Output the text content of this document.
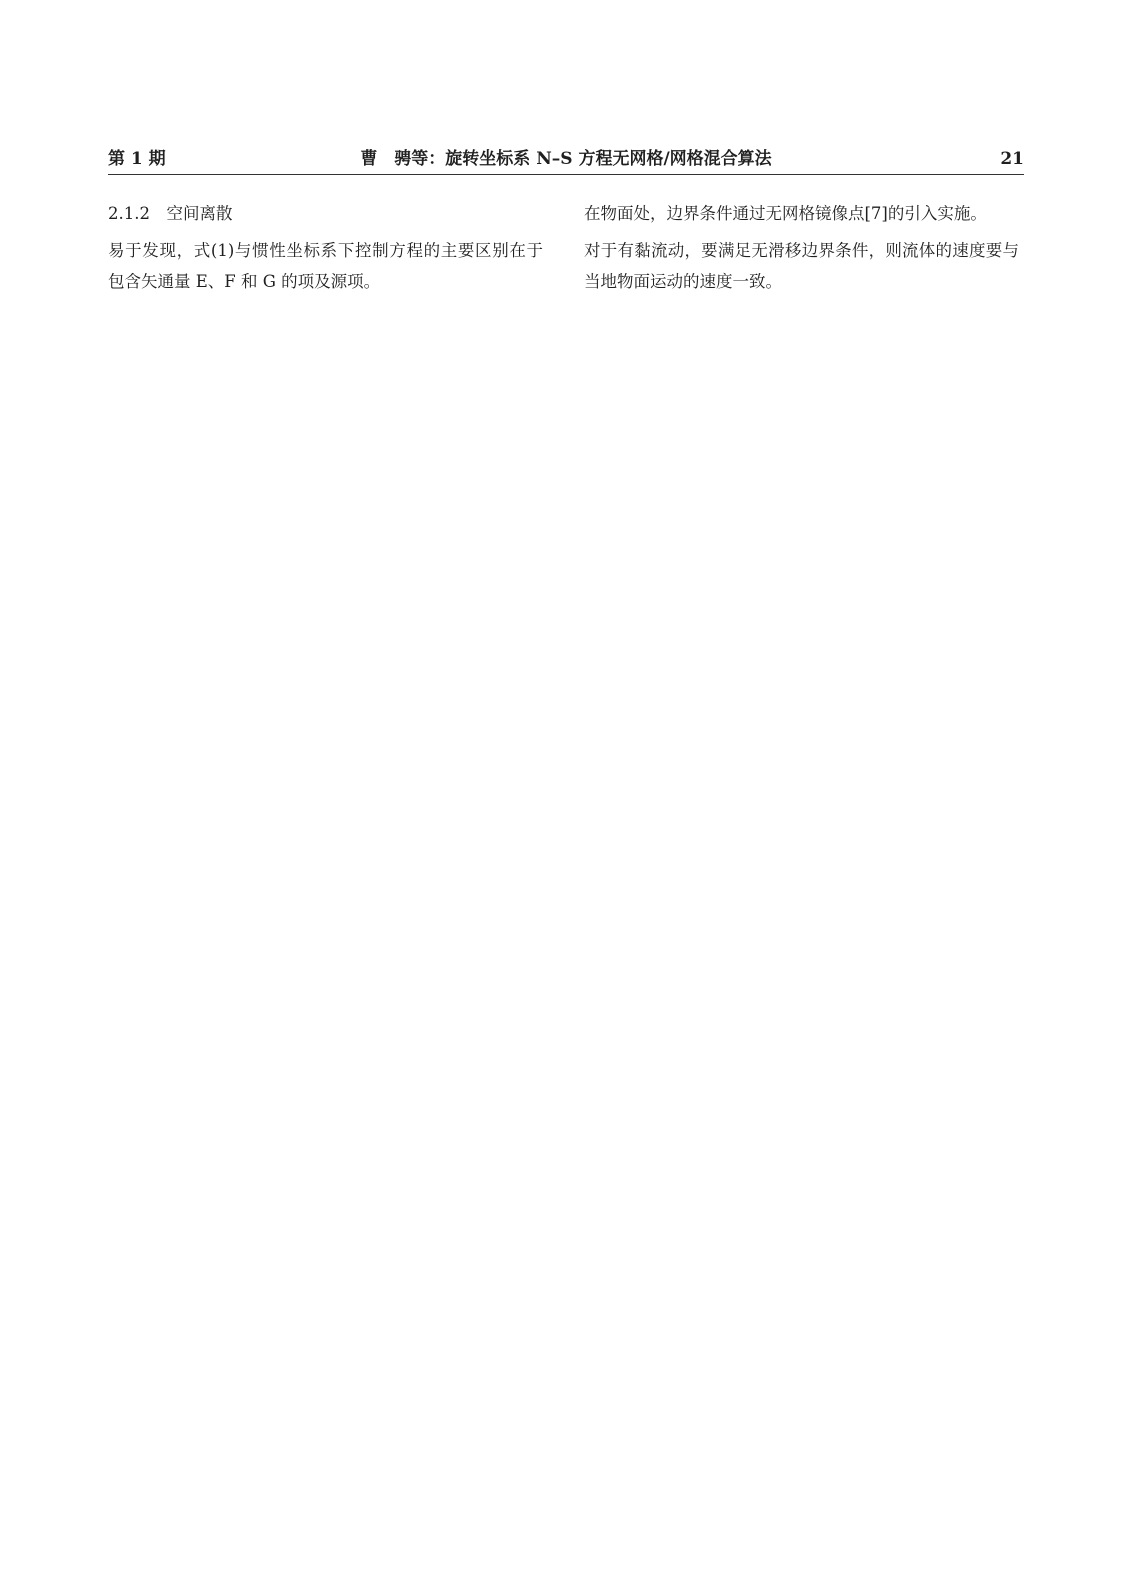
第 1 期	曹　骋等：旋转坐标系 N–S 方程无网格/网格混合算法	21

2.1.2　空间离散

易于发现，式(1)与惯性坐标系下控制方程的主要区别在于包含矢通量 E、F 和 G 的项及源项。

在物面处，边界条件通过无网格镜像点[7]的引入实施。

对于有黏流动，要满足无滑移边界条件，则流体的速度要与当地物面运动的速度一致。
